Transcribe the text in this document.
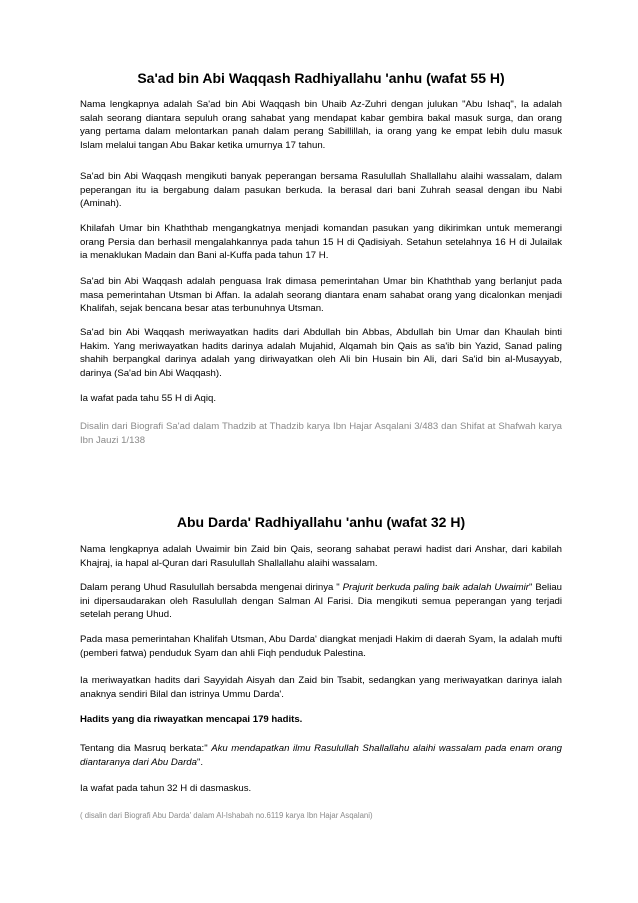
Sa'ad bin Abi Waqqash Radhiyallahu 'anhu (wafat 55 H)

Nama lengkapnya adalah Sa'ad bin Abi Waqqash bin Uhaib Az-Zuhri dengan julukan "Abu Ishaq", Ia adalah salah seorang diantara sepuluh orang sahabat yang mendapat kabar gembira bakal masuk surga, dan orang yang pertama dalam melontarkan panah dalam perang Sabillillah, ia orang yang ke empat lebih dulu masuk Islam melalui tangan Abu Bakar ketika umurnya 17 tahun.

Sa'ad bin Abi Waqqash mengikuti banyak peperangan bersama Rasulullah Shallallahu alaihi wassalam, dalam peperangan itu ia bergabung dalam pasukan berkuda. Ia berasal dari bani Zuhrah seasal dengan ibu Nabi (Aminah).

Khilafah Umar bin Khaththab mengangkatnya menjadi komandan pasukan yang dikirimkan untuk memerangi orang Persia dan berhasil mengalahkannya pada tahun 15 H di Qadisiyah. Setahun setelahnya 16 H di Julailak ia menaklukan Madain dan Bani al-Kuffa pada tahun 17 H.

Sa'ad bin Abi Waqqash adalah penguasa Irak dimasa pemerintahan Umar bin Khaththab yang berlanjut pada masa pemerintahan Utsman bi Affan. Ia adalah seorang diantara enam sahabat orang yang dicalonkan menjadi Khalifah, sejak bencana besar atas terbunuhnya Utsman.

Sa'ad bin Abi Waqqash meriwayatkan hadits dari Abdullah bin Abbas, Abdullah bin Umar dan Khaulah binti Hakim. Yang meriwayatkan hadits darinya adalah Mujahid, Alqamah bin Qais as sa'ib bin Yazid, Sanad paling shahih berpangkal darinya adalah yang diriwayatkan oleh Ali bin Husain bin Ali, dari Sa'id bin al-Musayyab, darinya (Sa'ad bin Abi Waqqash).

Ia wafat pada tahu 55 H di Aqiq.

Disalin dari Biografi Sa'ad dalam Thadzib at Thadzib karya Ibn Hajar Asqalani 3/483 dan Shifat at Shafwah karya Ibn Jauzi 1/138

Abu Darda' Radhiyallahu 'anhu (wafat 32 H)

Nama lengkapnya adalah Uwaimir bin Zaid bin Qais, seorang sahabat perawi hadist dari Anshar, dari kabilah Khajraj, ia hapal al-Quran dari Rasulullah Shallallahu alaihi wassalam.

Dalam perang Uhud Rasulullah bersabda mengenai dirinya " Prajurit berkuda paling baik adalah Uwaimir" Beliau ini dipersaudarakan oleh Rasulullah dengan Salman Al Farisi. Dia mengikuti semua peperangan yang terjadi setelah perang Uhud.

Pada masa pemerintahan Khalifah Utsman, Abu Darda' diangkat menjadi Hakim di daerah Syam, Ia adalah mufti (pemberi fatwa) penduduk Syam dan ahli Fiqh penduduk Palestina.

Ia meriwayatkan hadits dari Sayyidah Aisyah dan Zaid bin Tsabit, sedangkan yang meriwayatkan darinya ialah anaknya sendiri Bilal dan istrinya Ummu Darda'.

Hadits yang dia riwayatkan mencapai 179 hadits.

Tentang dia Masruq berkata:" Aku mendapatkan ilmu Rasulullah Shallallahu alaihi wassalam pada enam orang diantaranya dari Abu Darda".

Ia wafat pada tahun 32 H di dasmaskus.

( disalin dari Biografi Abu Darda' dalam Al-Ishabah no.6119 karya Ibn Hajar Asqalani)
